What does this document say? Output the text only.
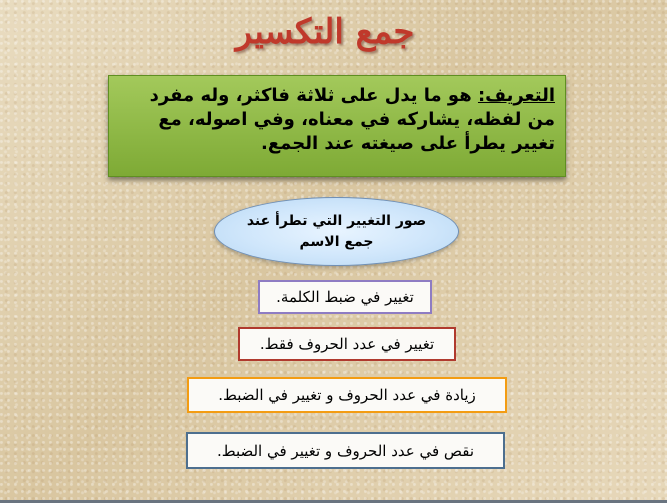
جمع التكسير
التعريف: هو ما يدل على ثلاثة فاكثر، وله مفرد من لفظه، يشاركه في معناه، وفي اصوله، مع تغيير يطرأ على صيغته عند الجمع.
صور التغيير التي تطرأ عند جمع الاسم
تغيير في ضبط الكلمة.
تغيير في عدد الحروف فقط.
زيادة في عدد الحروف و تغيير في الضبط.
نقص في عدد الحروف و تغيير في الضبط.
